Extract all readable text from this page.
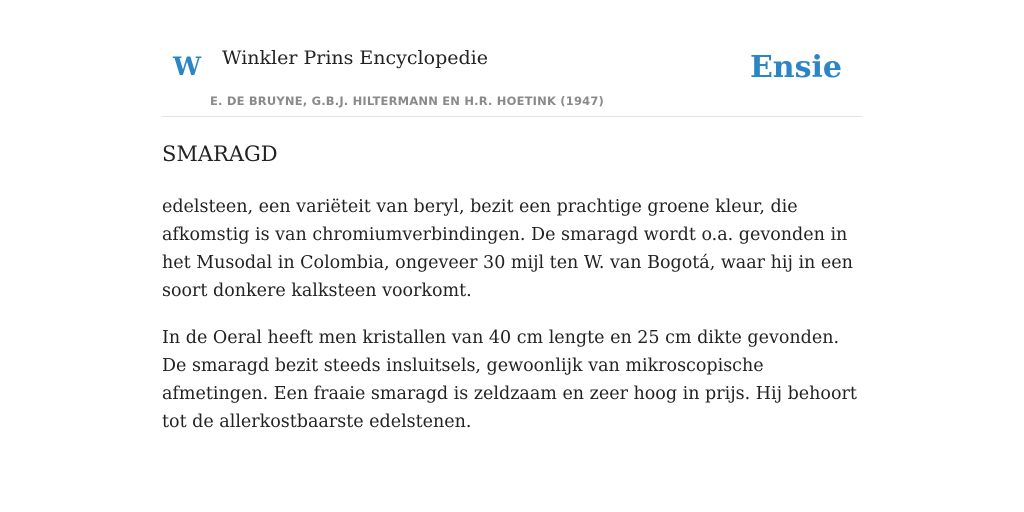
W Winkler Prins Encyclopedie
E. DE BRUYNE, G.B.J. HILTERMANN EN H.R. HOETINK (1947)
Ensie
SMARAGD

edelsteen, een variëteit van beryl, bezit een prachtige groene kleur, die afkomstig is van chromiumverbindingen. De smaragd wordt o.a. gevonden in het Musodal in Colombia, ongeveer 30 mijl ten W. van Bogotá, waar hij in een soort donkere kalksteen voorkomt.

In de Oeral heeft men kristallen van 40 cm lengte en 25 cm dikte gevonden. De smaragd bezit steeds insluitsels, gewoonlijk van mikroscopische afmetingen. Een fraaie smaragd is zeldzaam en zeer hoog in prijs. Hij behoort tot de allerkostbaarste edelstenen.
